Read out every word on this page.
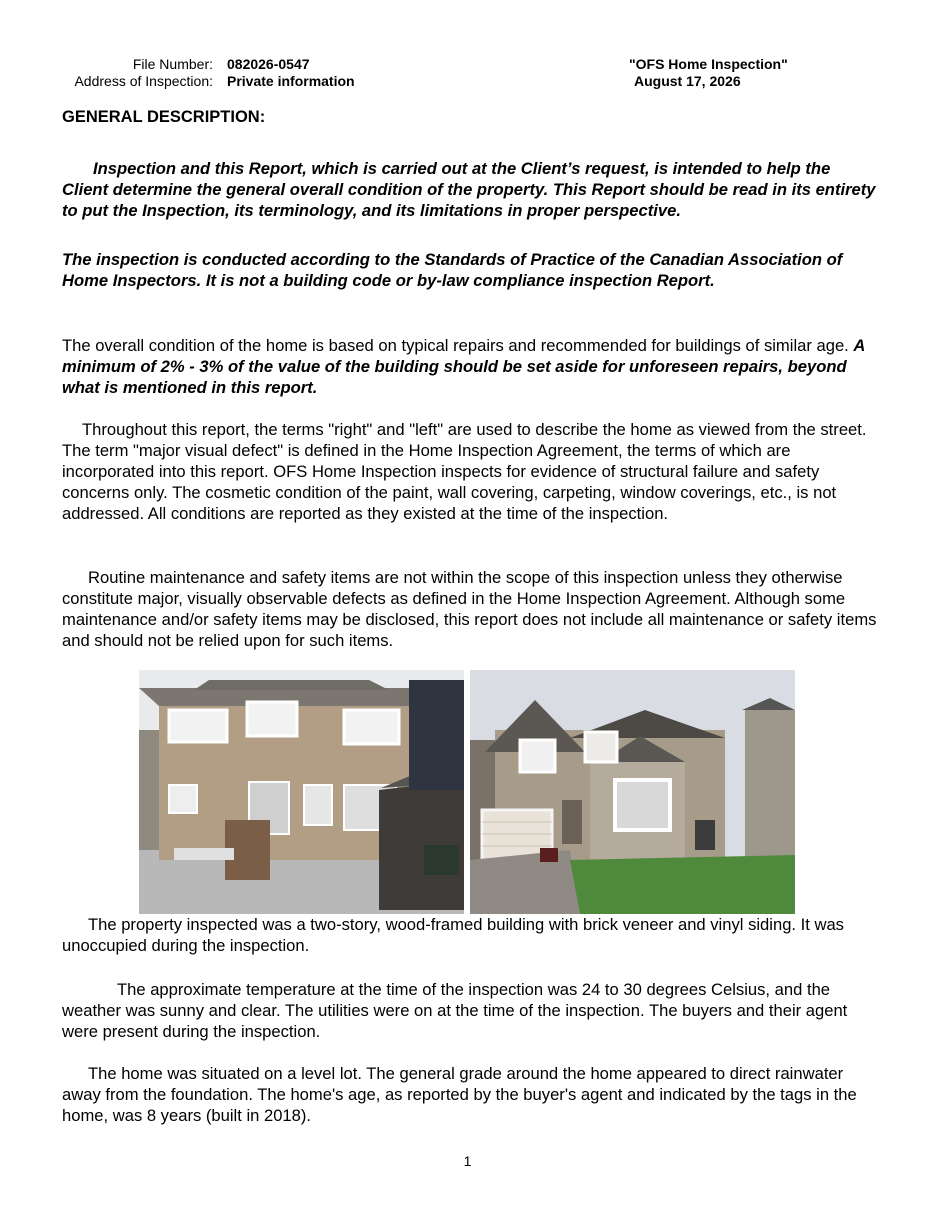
File Number: 082026-0547
Address of Inspection: Private information
"OFS Home Inspection"
August 17, 2026
GENERAL DESCRIPTION:

Inspection and this Report, which is carried out at the Client’s request, is intended to help the Client determine the general overall condition of the property. This Report should be read in its entirety to put the Inspection, its terminology, and its limitations in proper perspective.

The inspection is conducted according to the Standards of Practice of the Canadian Association of Home Inspectors. It is not a building code or by-law compliance inspection Report.

The overall condition of the home is based on typical repairs and recommended for buildings of similar age. A minimum of 2% - 3% of the value of the building should be set aside for unforeseen repairs, beyond what is mentioned in this report.

Throughout this report, the terms "right" and "left" are used to describe the home as viewed from the street. The term "major visual defect" is defined in the Home Inspection Agreement, the terms of which are incorporated into this report. OFS Home Inspection inspects for evidence of structural failure and safety concerns only. The cosmetic condition of the paint, wall covering, carpeting, window coverings, etc., is not addressed. All conditions are reported as they existed at the time of the inspection.

Routine maintenance and safety items are not within the scope of this inspection unless they otherwise constitute major, visually observable defects as defined in the Home Inspection Agreement. Although some maintenance and/or safety items may be disclosed, this report does not include all maintenance or safety items and should not be relied upon for such items.

The property inspected was a two-story, wood-framed building with brick veneer and vinyl siding. It was unoccupied during the inspection.

The approximate temperature at the time of the inspection was 24 to 30 degrees Celsius, and the weather was sunny and clear. The utilities were on at the time of the inspection. The buyers and their agent were present during the inspection.

The home was situated on a level lot. The general grade around the home appeared to direct rainwater away from the foundation. The home's age, as reported by the buyer's agent and indicated by the tags in the home, was 8 years (built in 2018).

1
